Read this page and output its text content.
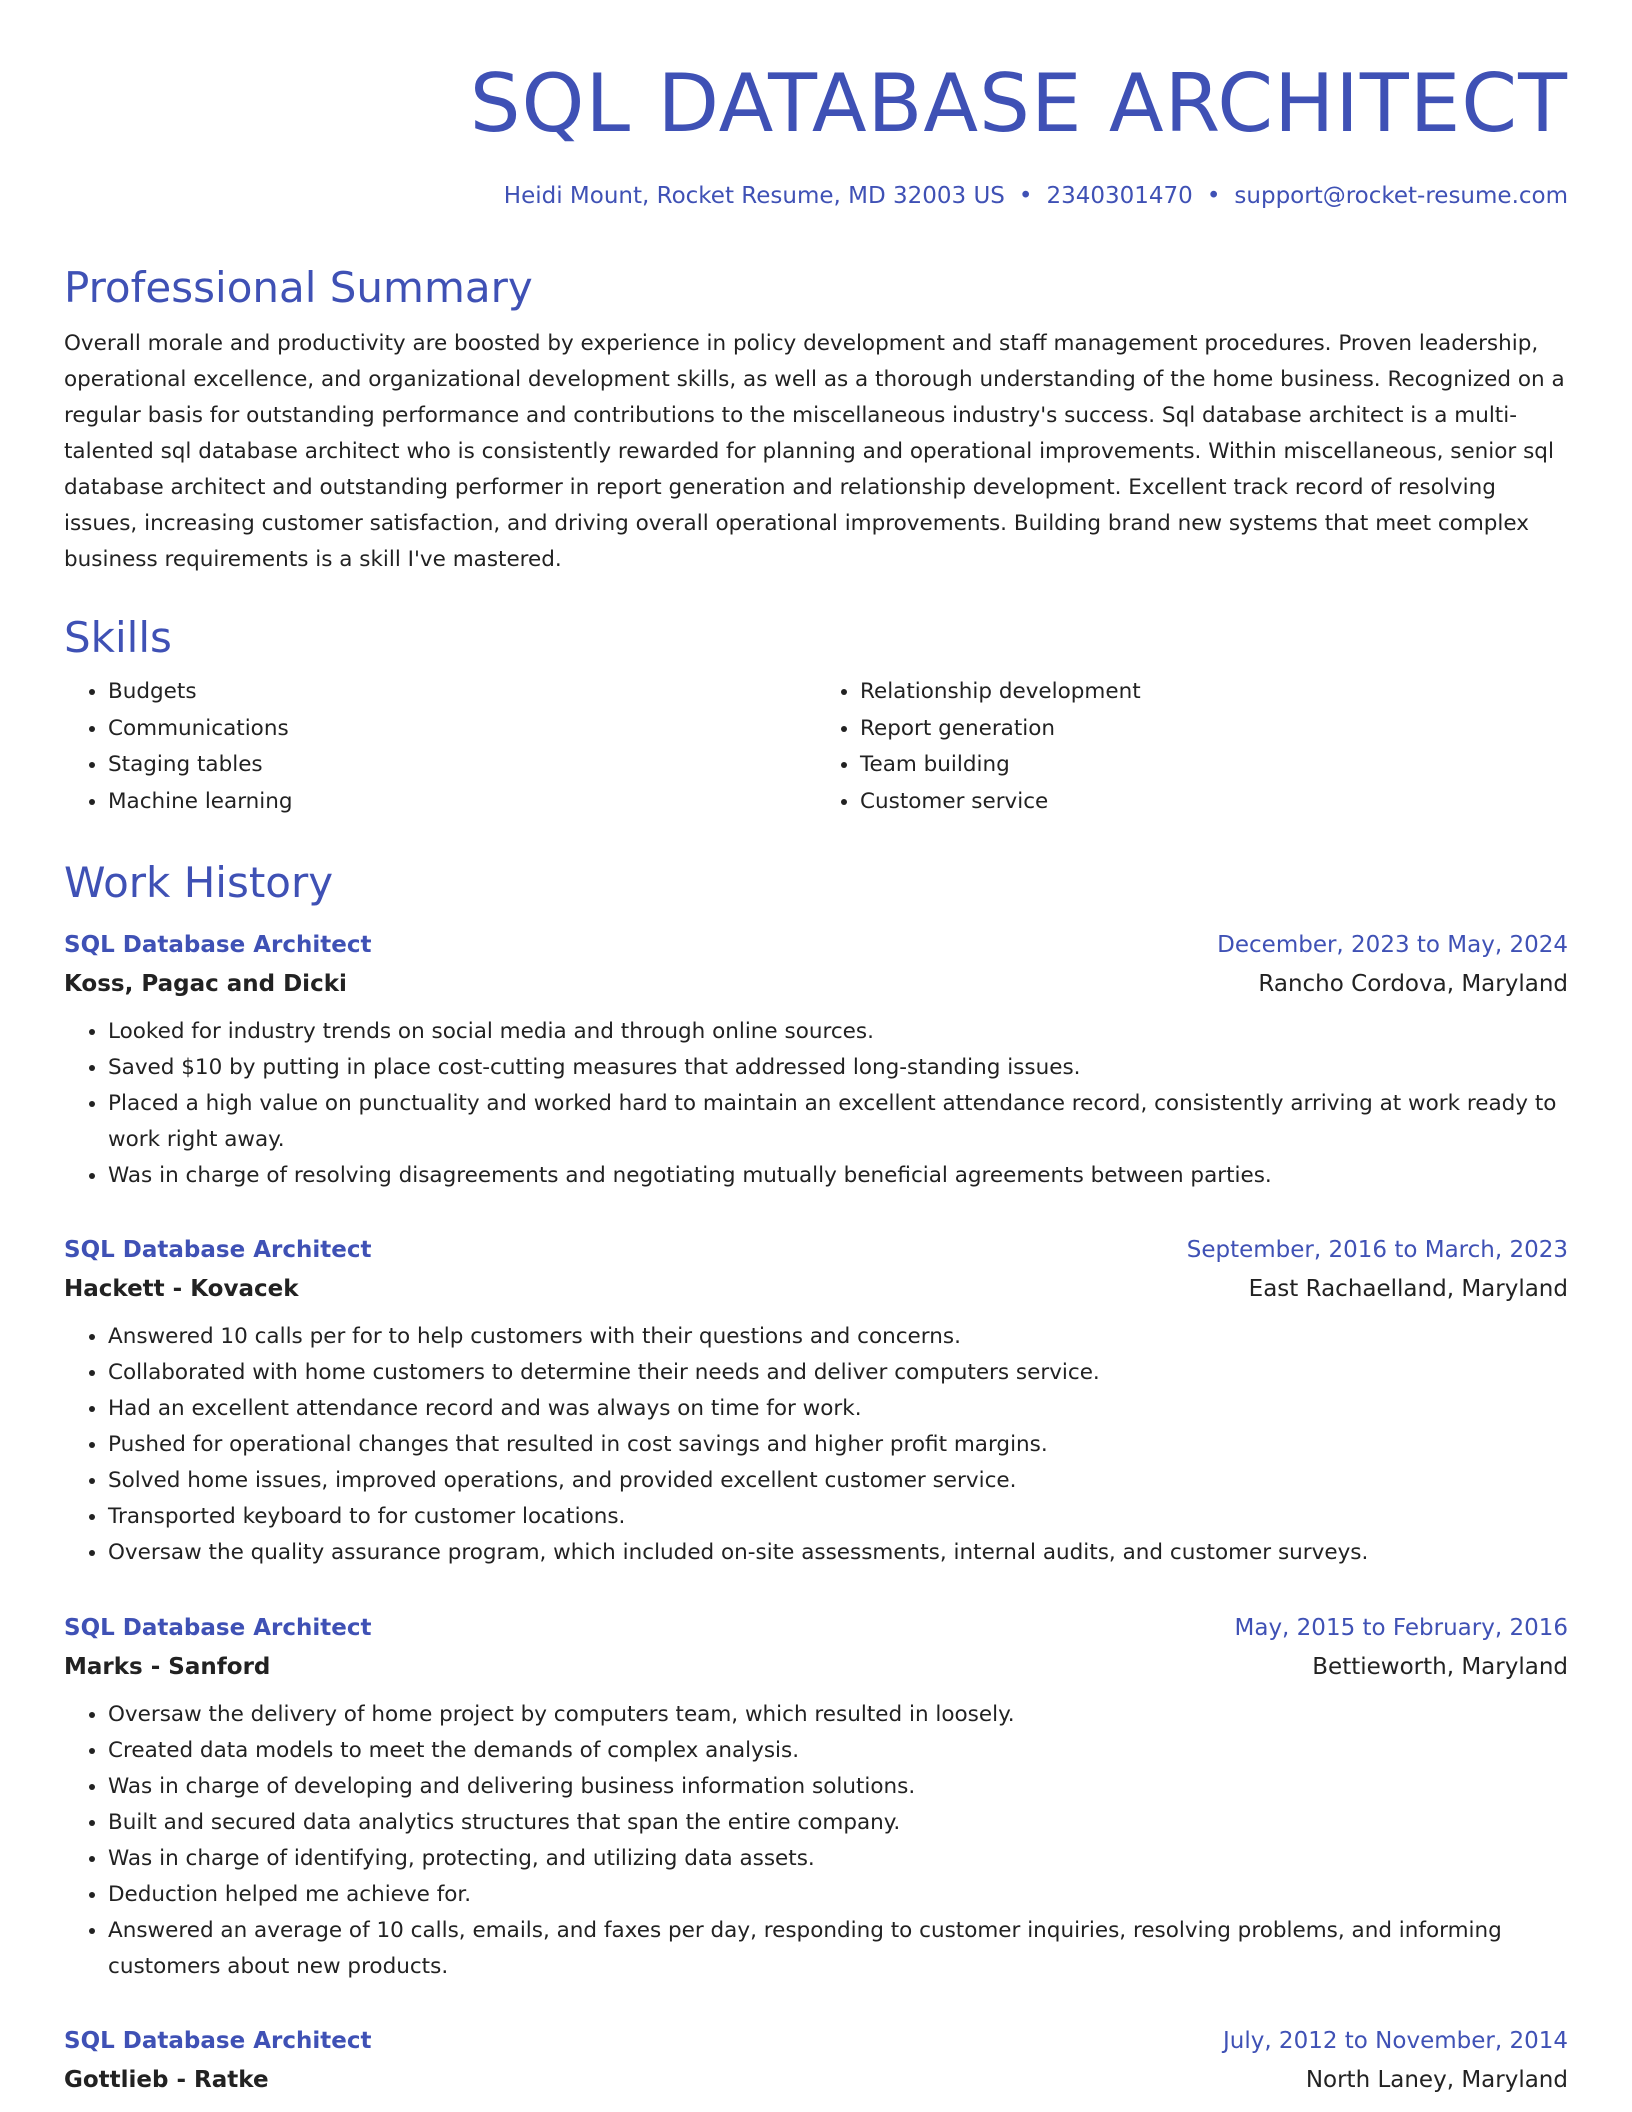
SQL DATABASE ARCHITECT
Heidi Mount, Rocket Resume, MD 32003 US • 2340301470 • support@rocket-resume.com
Professional Summary

Overall morale and productivity are boosted by experience in policy development and staff management procedures. Proven leadership, operational excellence, and organizational development skills, as well as a thorough understanding of the home business. Recognized on a regular basis for outstanding performance and contributions to the miscellaneous industry's success. Sql database architect is a multi-talented sql database architect who is consistently rewarded for planning and operational improvements. Within miscellaneous, senior sql database architect and outstanding performer in report generation and relationship development. Excellent track record of resolving issues, increasing customer satisfaction, and driving overall operational improvements. Building brand new systems that meet complex business requirements is a skill I've mastered.

Skills
• Budgets
• Communications
• Staging tables
• Machine learning
• Relationship development
• Report generation
• Team building
• Customer service
Work History
SQL Database Architect	December, 2023 to May, 2024
Koss, Pagac and Dicki	Rancho Cordova, Maryland
• Looked for industry trends on social media and through online sources.
• Saved $10 by putting in place cost-cutting measures that addressed long-standing issues.
• Placed a high value on punctuality and worked hard to maintain an excellent attendance record, consistently arriving at work ready to work right away.
• Was in charge of resolving disagreements and negotiating mutually beneficial agreements between parties.
SQL Database Architect	September, 2016 to March, 2023
Hackett - Kovacek	East Rachaelland, Maryland
• Answered 10 calls per for to help customers with their questions and concerns.
• Collaborated with home customers to determine their needs and deliver computers service.
• Had an excellent attendance record and was always on time for work.
• Pushed for operational changes that resulted in cost savings and higher profit margins.
• Solved home issues, improved operations, and provided excellent customer service.
• Transported keyboard to for customer locations.
• Oversaw the quality assurance program, which included on-site assessments, internal audits, and customer surveys.
SQL Database Architect	May, 2015 to February, 2016
Marks - Sanford	Bettieworth, Maryland
• Oversaw the delivery of home project by computers team, which resulted in loosely.
• Created data models to meet the demands of complex analysis.
• Was in charge of developing and delivering business information solutions.
• Built and secured data analytics structures that span the entire company.
• Was in charge of identifying, protecting, and utilizing data assets.
• Deduction helped me achieve for.
• Answered an average of 10 calls, emails, and faxes per day, responding to customer inquiries, resolving problems, and informing customers about new products.
SQL Database Architect	July, 2012 to November, 2014
Gottlieb - Ratke	North Laney, Maryland
